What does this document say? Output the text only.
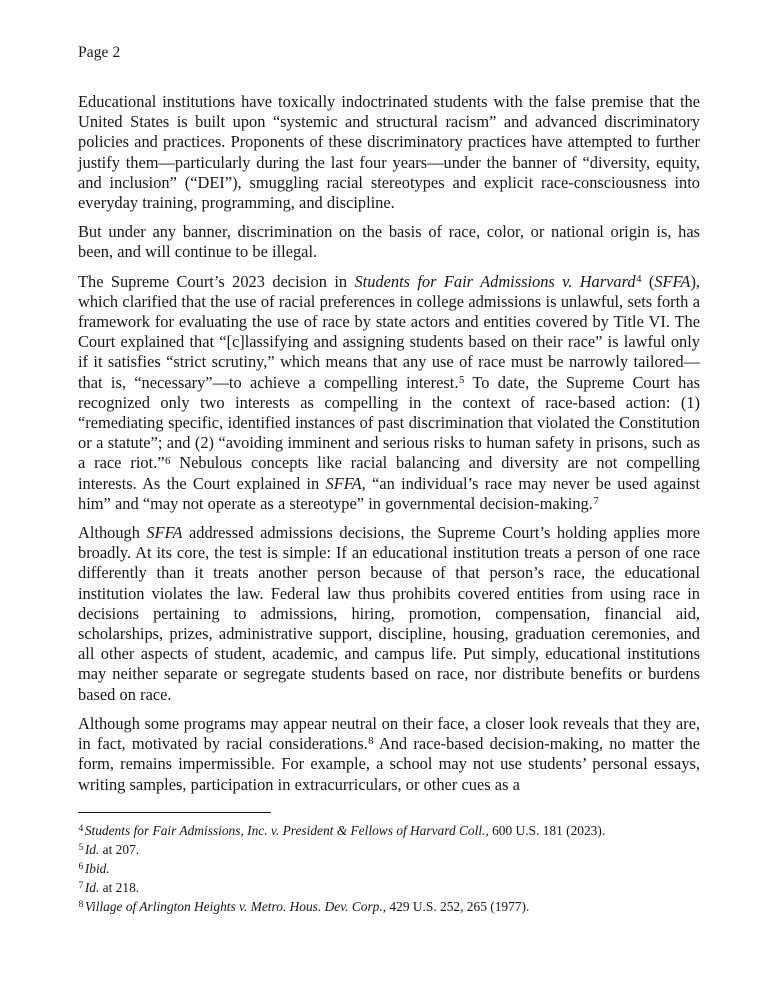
Page 2

Educational institutions have toxically indoctrinated students with the false premise that the United States is built upon “systemic and structural racism” and advanced discriminatory policies and practices. Proponents of these discriminatory practices have attempted to further justify them—particularly during the last four years—under the banner of “diversity, equity, and inclusion” (“DEI”), smuggling racial stereotypes and explicit race-consciousness into everyday training, programming, and discipline.

But under any banner, discrimination on the basis of race, color, or national origin is, has been, and will continue to be illegal.

The Supreme Court’s 2023 decision in Students for Fair Admissions v. Harvard$^4$ (SFFA), which clarified that the use of racial preferences in college admissions is unlawful, sets forth a framework for evaluating the use of race by state actors and entities covered by Title VI. The Court explained that “[c]lassifying and assigning students based on their race” is lawful only if it satisfies “strict scrutiny,” which means that any use of race must be narrowly tailored—that is, “necessary”—to achieve a compelling interest.$^5$ To date, the Supreme Court has recognized only two interests as compelling in the context of race-based action: (1) “remediating specific, identified instances of past discrimination that violated the Constitution or a statute”; and (2) “avoiding imminent and serious risks to human safety in prisons, such as a race riot.”$^6$ Nebulous concepts like racial balancing and diversity are not compelling interests. As the Court explained in SFFA, “an individual’s race may never be used against him” and “may not operate as a stereotype” in governmental decision-making.$^7$

Although SFFA addressed admissions decisions, the Supreme Court’s holding applies more broadly. At its core, the test is simple: If an educational institution treats a person of one race differently than it treats another person because of that person’s race, the educational institution violates the law. Federal law thus prohibits covered entities from using race in decisions pertaining to admissions, hiring, promotion, compensation, financial aid, scholarships, prizes, administrative support, discipline, housing, graduation ceremonies, and all other aspects of student, academic, and campus life. Put simply, educational institutions may neither separate or segregate students based on race, nor distribute benefits or burdens based on race.

Although some programs may appear neutral on their face, a closer look reveals that they are, in fact, motivated by racial considerations.$^8$ And race-based decision-making, no matter the form, remains impermissible. For example, a school may not use students’ personal essays, writing samples, participation in extracurriculars, or other cues as a

$^4$ Students for Fair Admissions, Inc. v. President & Fellows of Harvard Coll., 600 U.S. 181 (2023).

$^5$ Id. at 207.

$^6$ Ibid.

$^7$ Id. at 218.

$^8$ Village of Arlington Heights v. Metro. Hous. Dev. Corp., 429 U.S. 252, 265 (1977).
